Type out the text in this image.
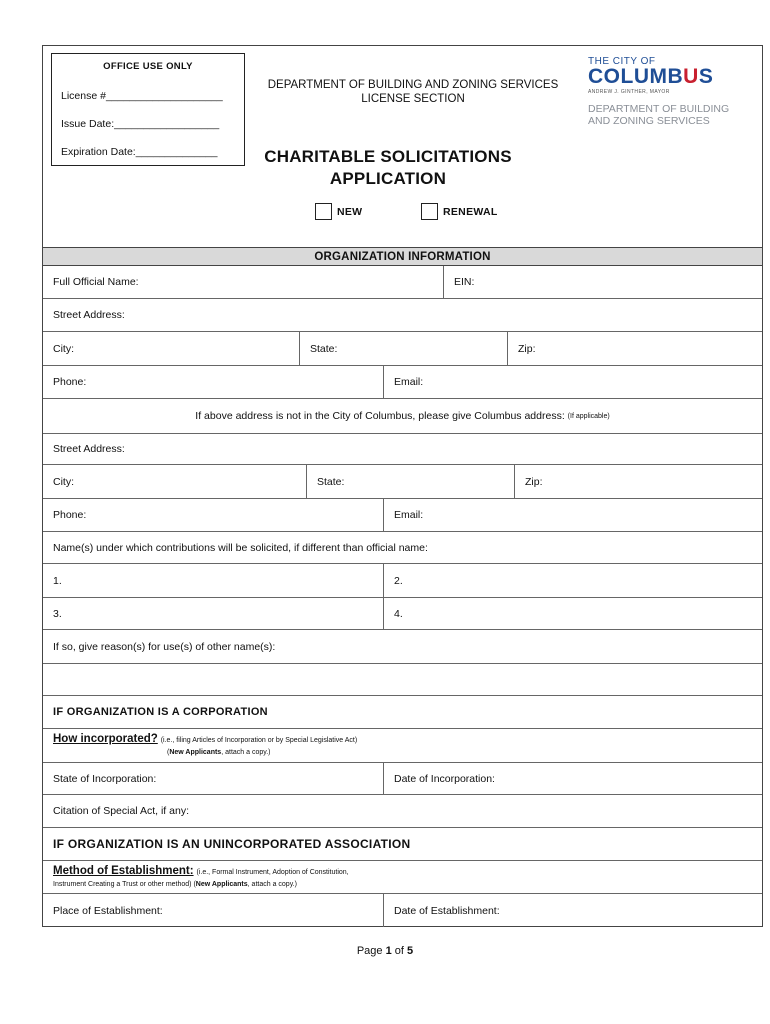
OFFICE USE ONLY
License #____________________
Issue Date:__________________
Expiration Date:______________
DEPARTMENT OF BUILDING AND ZONING SERVICES
LICENSE SECTION
CHARITABLE SOLICITATIONS
APPLICATION
THE CITY OF
COLUMBUS
ANDREW J. GINTHER, MAYOR
DEPARTMENT OF BUILDING
AND ZONING SERVICES
NEW	RENEWAL
ORGANIZATION INFORMATION
Full Official Name:	EIN:
Street Address:
City:	State:	Zip:
Phone:	Email:
If above address is not in the City of Columbus, please give Columbus address:
(If applicable)
Street Address:
City:	State:	Zip:
Phone:	Email:
Name(s) under which contributions will be solicited, if different than official name:
1.	2.
3.	4.
If so, give reason(s) for use(s) of other name(s):
IF ORGANIZATION IS A CORPORATION
How incorporated? (i.e., filing Articles of Incorporation or by Special Legislative Act)
(New Applicants, attach a copy.)
State of Incorporation:	Date of Incorporation:
Citation of Special Act, if any:
IF ORGANIZATION IS AN UNINCORPORATED ASSOCIATION
Method of Establishment: (i.e., Formal Instrument, Adoption of Constitution,
Instrument Creating a Trust or other method) (New Applicants, attach a copy.)
Place of Establishment:	Date of Establishment:
Page 1 of 5
